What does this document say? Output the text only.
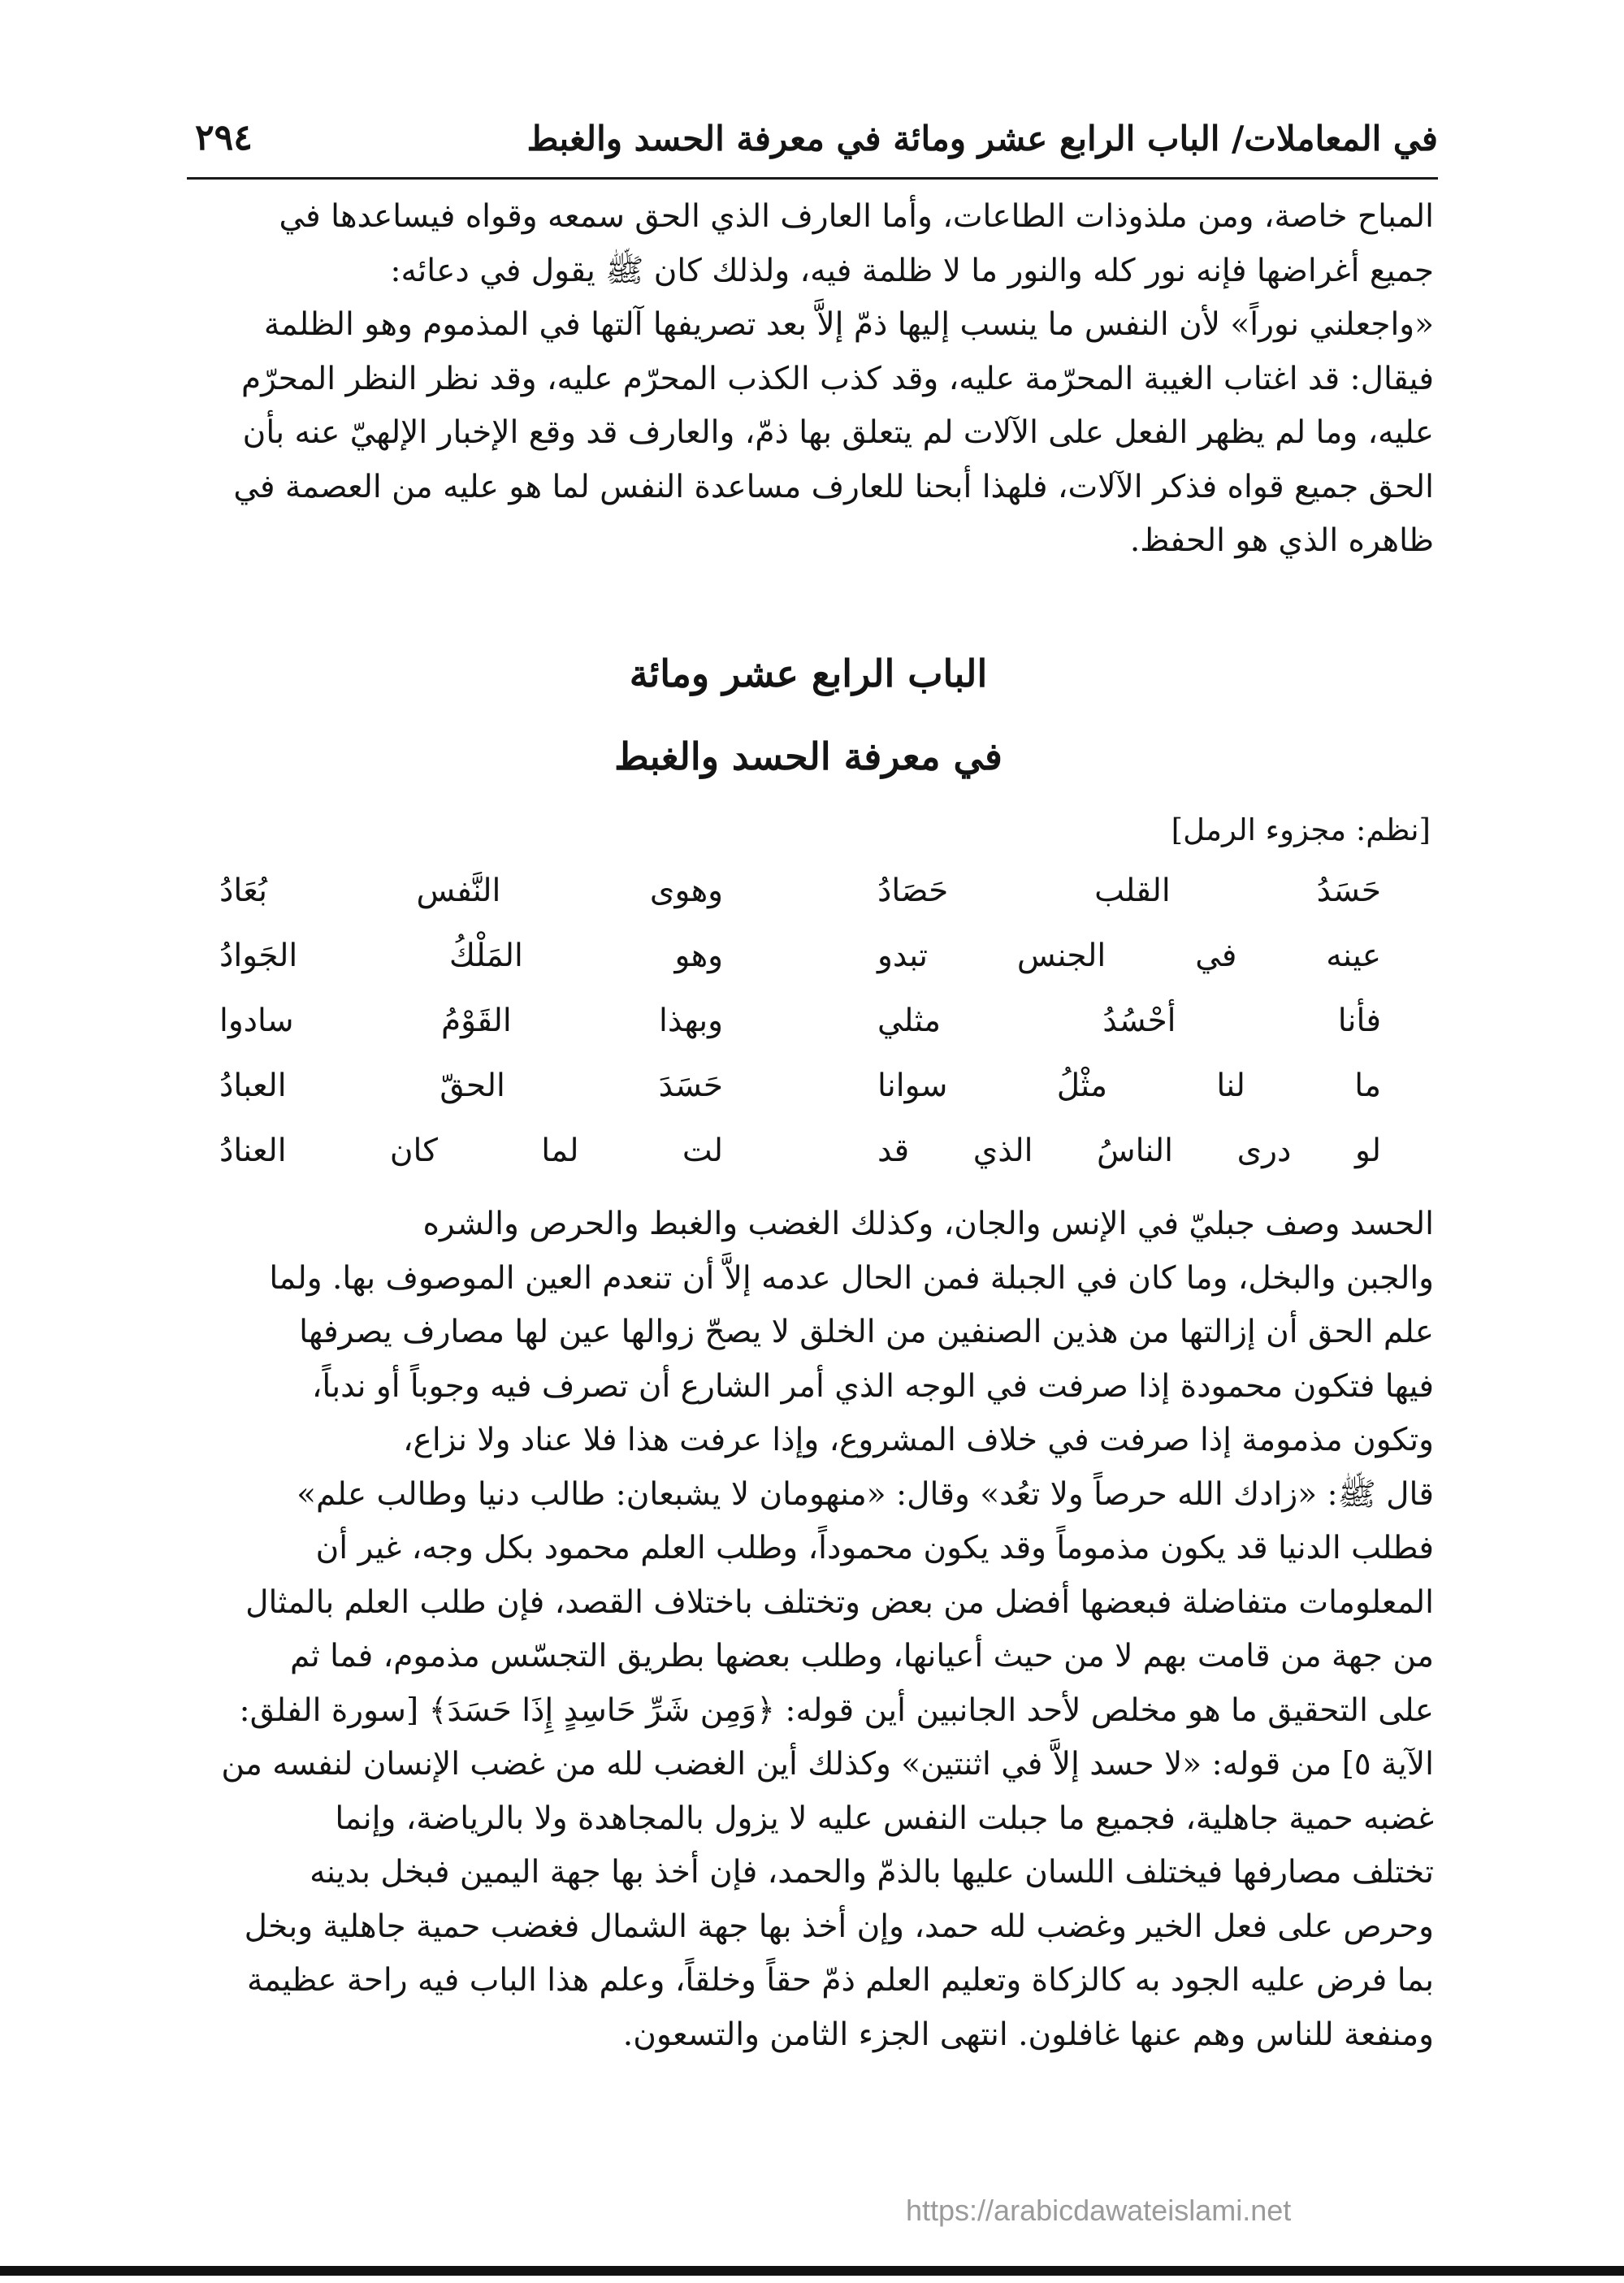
في المعاملات/ الباب الرابع عشر ومائة في معرفة الحسد والغبط
٢٩٤

المباح خاصة، ومن ملذوذات الطاعات، وأما العارف الذي الحق سمعه وقواه فيساعدها في

جميع أغراضها فإنه نور كله والنور ما لا ظلمة فيه، ولذلك كان ﷺ يقول في دعائه:

«واجعلني نوراً» لأن النفس ما ينسب إليها ذمّ إلاَّ بعد تصريفها آلتها في المذموم وهو الظلمة

فيقال: قد اغتاب الغيبة المحرّمة عليه، وقد كذب الكذب المحرّم عليه، وقد نظر النظر المحرّم

عليه، وما لم يظهر الفعل على الآلات لم يتعلق بها ذمّ، والعارف قد وقع الإخبار الإلهيّ عنه بأن

الحق جميع قواه فذكر الآلات، فلهذا أبحنا للعارف مساعدة النفس لما هو عليه من العصمة في

ظاهره الذي هو الحفظ.

الباب الرابع عشر ومائة
في معرفة الحسد والغبط
[نظم: مجزوء الرمل]
حَسَدُ القلب حَصَادُ
وهوى النَّفس بُعَادُ
عينه في الجنس تبدو
وهو المَلْكُ الجَوادُ
فأنا أحْسُدُ مثلي
وبهذا القَوْمُ سادوا
ما لنا مثْلُ سوانا
حَسَدَ الحقّ العبادُ
لو درى الناسُ الذي قد
لت لما كان العنادُ

الحسد وصف جبليّ في الإنس والجان، وكذلك الغضب والغبط والحرص والشره

والجبن والبخل، وما كان في الجبلة فمن الحال عدمه إلاَّ أن تنعدم العين الموصوف بها. ولما

علم الحق أن إزالتها من هذين الصنفين من الخلق لا يصحّ زوالها عين لها مصارف يصرفها

فيها فتكون محمودة إذا صرفت في الوجه الذي أمر الشارع أن تصرف فيه وجوباً أو ندباً،

وتكون مذمومة إذا صرفت في خلاف المشروع، وإذا عرفت هذا فلا عناد ولا نزاع،

قال ﷺ: «زادك الله حرصاً ولا تعُد» وقال: «منهومان لا يشبعان: طالب دنيا وطالب علم»

فطلب الدنيا قد يكون مذموماً وقد يكون محموداً، وطلب العلم محمود بكل وجه، غير أن

المعلومات متفاضلة فبعضها أفضل من بعض وتختلف باختلاف القصد، فإن طلب العلم بالمثال

من جهة من قامت بهم لا من حيث أعيانها، وطلب بعضها بطريق التجسّس مذموم، فما ثم

على التحقيق ما هو مخلص لأحد الجانبين أين قوله: ﴿وَمِن شَرِّ حَاسِدٍ إِذَا حَسَدَ﴾ [سورة الفلق:

الآية ٥] من قوله: «لا حسد إلاَّ في اثنتين» وكذلك أين الغضب لله من غضب الإنسان لنفسه من

غضبه حمية جاهلية، فجميع ما جبلت النفس عليه لا يزول بالمجاهدة ولا بالرياضة، وإنما

تختلف مصارفها فيختلف اللسان عليها بالذمّ والحمد، فإن أخذ بها جهة اليمين فبخل بدينه

وحرص على فعل الخير وغضب لله حمد، وإن أخذ بها جهة الشمال فغضب حمية جاهلية وبخل

بما فرض عليه الجود به كالزكاة وتعليم العلم ذمّ حقاً وخلقاً، وعلم هذا الباب فيه راحة عظيمة

ومنفعة للناس وهم عنها غافلون. انتهى الجزء الثامن والتسعون.

https://arabicdawateislami.net
